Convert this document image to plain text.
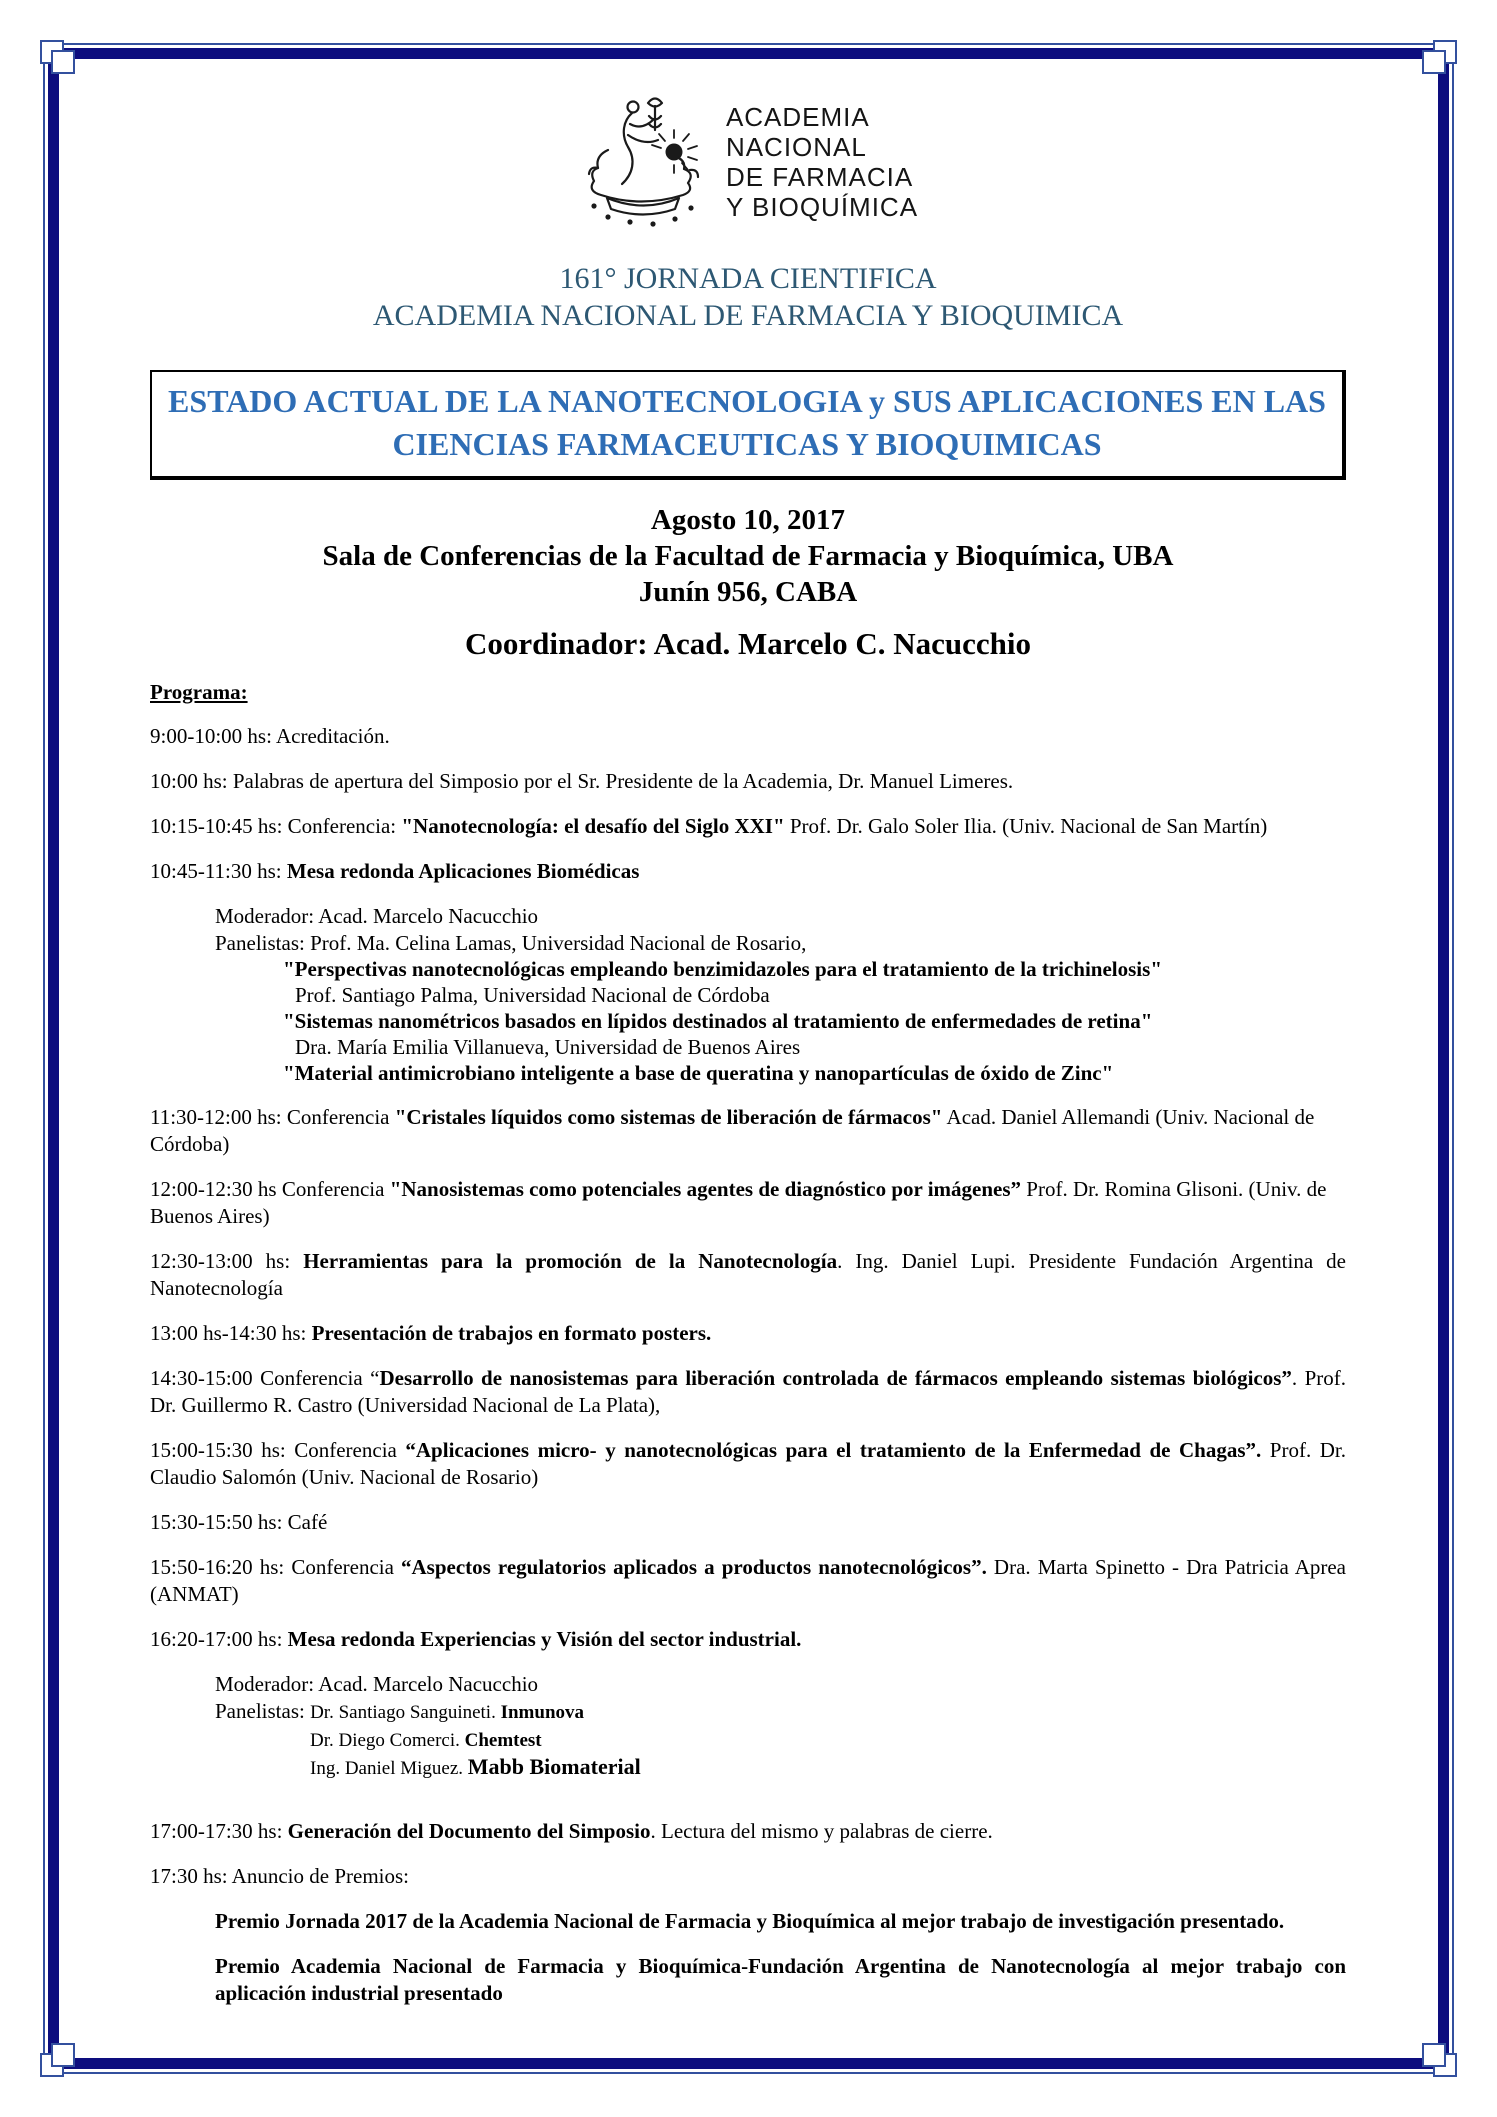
ACADEMIA
NACIONAL
DE FARMACIA
Y BIOQUÍMICA
161° JORNADA CIENTIFICA
ACADEMIA NACIONAL DE FARMACIA Y BIOQUIMICA
ESTADO ACTUAL DE LA NANOTECNOLOGIA y SUS APLICACIONES EN LAS
CIENCIAS FARMACEUTICAS Y BIOQUIMICAS
Agosto 10, 2017
Sala de Conferencias de la Facultad de Farmacia y Bioquímica, UBA
Junín 956, CABA
Coordinador: Acad. Marcelo C. Nacucchio
Programa:

9:00-10:00 hs: Acreditación.

10:00 hs: Palabras de apertura del Simposio por el Sr. Presidente de la Academia, Dr. Manuel Limeres.

10:15-10:45 hs: Conferencia: "Nanotecnología: el desafío del Siglo XXI" Prof. Dr. Galo Soler Ilia. (Univ. Nacional de San Martín)

10:45-11:30 hs: Mesa redonda Aplicaciones Biomédicas

Moderador: Acad. Marcelo Nacucchio

Panelistas: Prof. Ma. Celina Lamas, Universidad Nacional de Rosario,

"Perspectivas nanotecnológicas empleando benzimidazoles para el tratamiento de la trichinelosis"

Prof. Santiago Palma, Universidad Nacional de Córdoba

"Sistemas nanométricos basados en lípidos destinados al tratamiento de enfermedades de retina"

Dra. María Emilia Villanueva, Universidad de Buenos Aires

"Material antimicrobiano inteligente a base de queratina y nanopartículas de óxido de Zinc"

11:30-12:00 hs: Conferencia "Cristales líquidos como sistemas de liberación de fármacos" Acad. Daniel Allemandi (Univ. Nacional de Córdoba)

12:00-12:30 hs Conferencia "Nanosistemas como potenciales agentes de diagnóstico por imágenes” Prof. Dr. Romina Glisoni. (Univ. de Buenos Aires)

12:30-13:00 hs: Herramientas para la promoción de la Nanotecnología. Ing. Daniel Lupi. Presidente Fundación Argentina de Nanotecnología

13:00 hs-14:30 hs: Presentación de trabajos en formato posters.

14:30-15:00 Conferencia “Desarrollo de nanosistemas para liberación controlada de fármacos empleando sistemas biológicos”. Prof. Dr. Guillermo R. Castro (Universidad Nacional de La Plata),

15:00-15:30 hs: Conferencia “Aplicaciones micro- y nanotecnológicas para el tratamiento de la Enfermedad de Chagas”. Prof. Dr. Claudio Salomón (Univ. Nacional de Rosario)

15:30-15:50 hs: Café

15:50-16:20 hs: Conferencia “Aspectos regulatorios aplicados a productos nanotecnológicos”. Dra. Marta Spinetto - Dra Patricia Aprea (ANMAT)

16:20-17:00 hs: Mesa redonda Experiencias y Visión del sector industrial.

Moderador: Acad. Marcelo Nacucchio

Panelistas: Dr. Santiago Sanguineti. Inmunova

Dr. Diego Comerci. Chemtest

Ing. Daniel Miguez. Mabb Biomaterial

17:00-17:30 hs: Generación del Documento del Simposio. Lectura del mismo y palabras de cierre.

17:30 hs: Anuncio de Premios:

Premio Jornada 2017 de la Academia Nacional de Farmacia y Bioquímica al mejor trabajo de investigación presentado.

Premio Academia Nacional de Farmacia y Bioquímica-Fundación Argentina de Nanotecnología al mejor trabajo con aplicación industrial presentado
